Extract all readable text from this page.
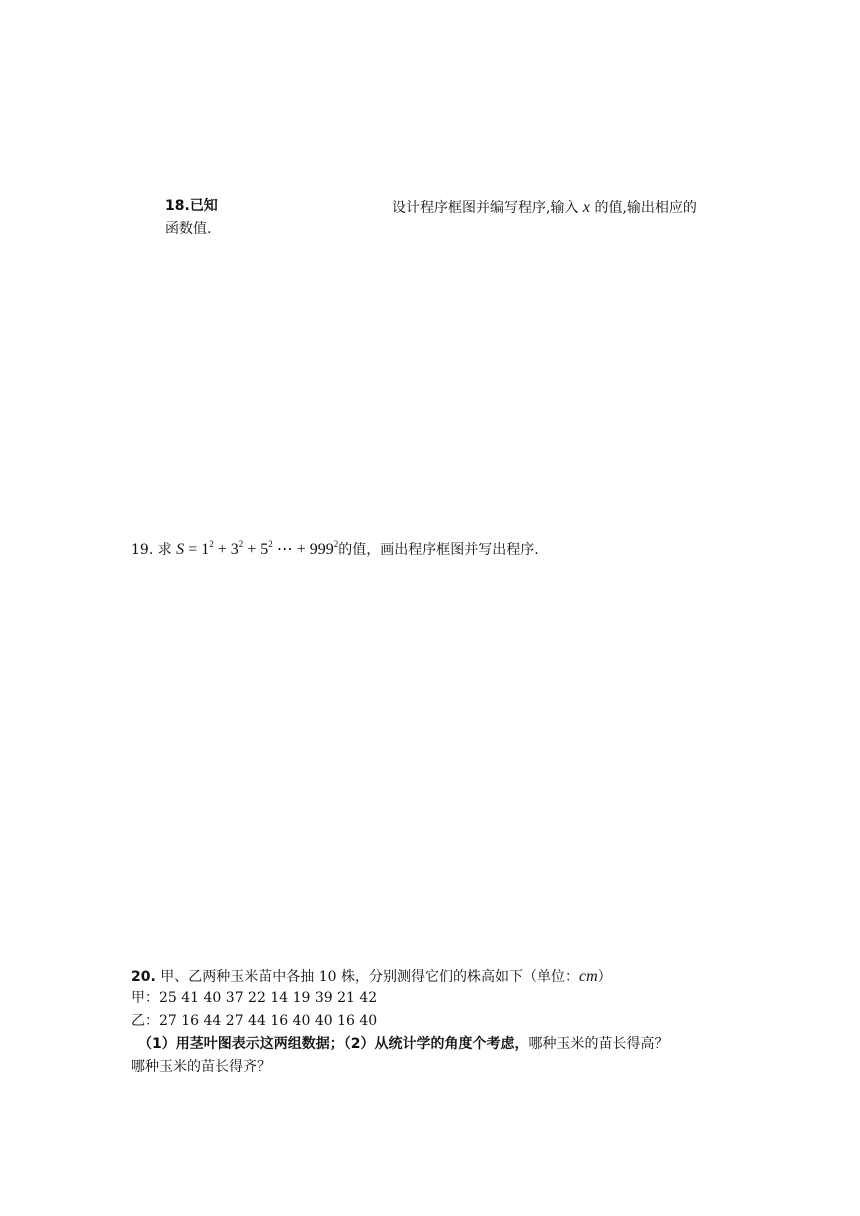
18.已知	设计程序框图并编写程序,输入 x 的值,输出相应的
函数值.
19. 求 $S = 1^2 + 3^2 + 5^2$ ⋯ + $999^2$的值，画出程序框图并写出程序.
20. 甲、乙两种玉米苗中各抽 10 株，分别测得它们的株高如下（单位：cm）
甲：25 41 40 37 22 14 19 39 21 42
乙：27 16 44 27 44 16 40 40 16 40
（1）用茎叶图表示这两组数据；（2）从统计学的角度个考虑，哪种玉米的苗长得高？
哪种玉米的苗长得齐？
